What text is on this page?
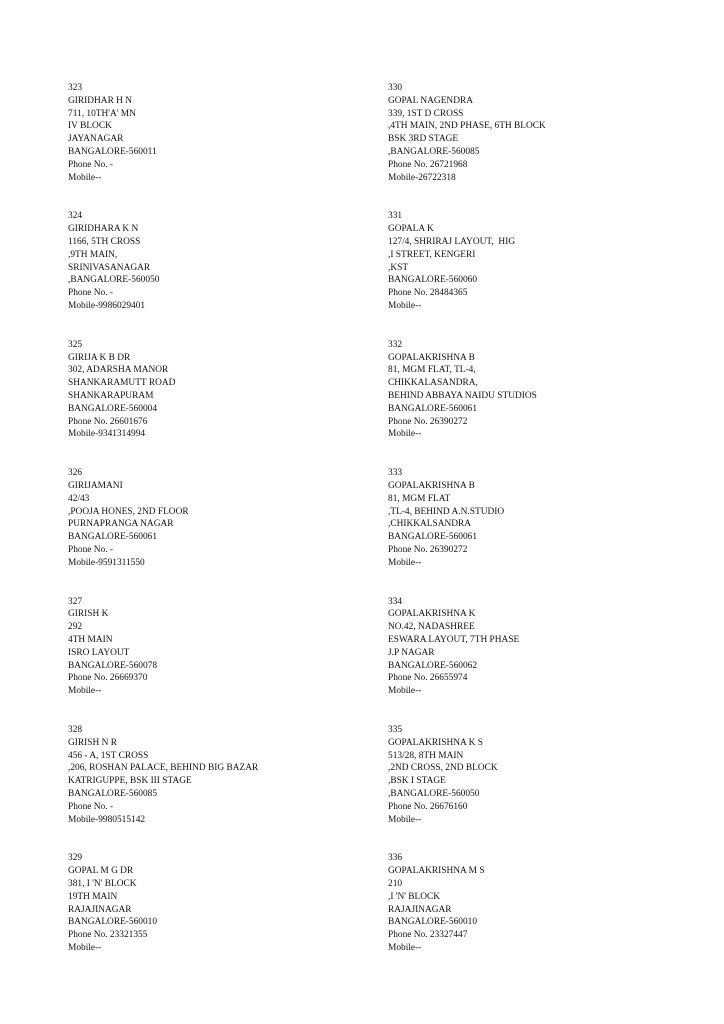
323
GIRIDHAR H N
711, 10TH'A' MN
IV BLOCK
JAYANAGAR
BANGALORE-560011
Phone No. -
Mobile--
324
GIRIDHARA K N
1166, 5TH CROSS
,9TH MAIN,
SRINIVASANAGAR
,BANGALORE-560050
Phone No. -
Mobile-9986029401
325
GIRIJA K B DR
302, ADARSHA MANOR
SHANKARAMUTT ROAD
SHANKARAPURAM
BANGALORE-560004
Phone No. 26601676
Mobile-9341314994
326
GIRIJAMANI
42/43
,POOJA HONES, 2ND FLOOR
PURNAPRANGA NAGAR
BANGALORE-560061
Phone No. -
Mobile-9591311550
327
GIRISH K
292
4TH MAIN
ISRO LAYOUT
BANGALORE-560078
Phone No. 26669370
Mobile--
328
GIRISH N R
456 - A, 1ST CROSS
,206, ROSHAN PALACE, BEHIND BIG BAZAR
KATRIGUPPE, BSK III STAGE
BANGALORE-560085
Phone No. -
Mobile-9980515142
329
GOPAL M G DR
381, I 'N' BLOCK
19TH MAIN
RAJAJINAGAR
BANGALORE-560010
Phone No. 23321355
Mobile--
330
GOPAL NAGENDRA
339, 1ST D CROSS
,4TH MAIN, 2ND PHASE, 6TH BLOCK
BSK 3RD STAGE
,BANGALORE-560085
Phone No. 26721968
Mobile-26722318
331
GOPALA K
127/4, SHRIRAJ LAYOUT,  HIG
,I STREET, KENGERI
,KST
BANGALORE-560060
Phone No. 28484365
Mobile--
332
GOPALAKRISHNA B
81, MGM FLAT, TL-4,
CHIKKALASANDRA,
BEHIND ABBAYA NAIDU STUDIOS
BANGALORE-560061
Phone No. 26390272
Mobile--
333
GOPALAKRISHNA B
81, MGM FLAT
,TL-4, BEHIND A.N.STUDIO
,CHIKKALSANDRA
BANGALORE-560061
Phone No. 26390272
Mobile--
334
GOPALAKRISHNA K
NO.42, NADASHREE
ESWARA LAYOUT, 7TH PHASE
J.P NAGAR
BANGALORE-560062
Phone No. 26655974
Mobile--
335
GOPALAKRISHNA K S
513/28, 8TH MAIN
,2ND CROSS, 2ND BLOCK
,BSK I STAGE
,BANGALORE-560050
Phone No. 26676160
Mobile--
336
GOPALAKRISHNA M S
210
,I 'N' BLOCK
RAJAJINAGAR
BANGALORE-560010
Phone No. 23327447
Mobile--
